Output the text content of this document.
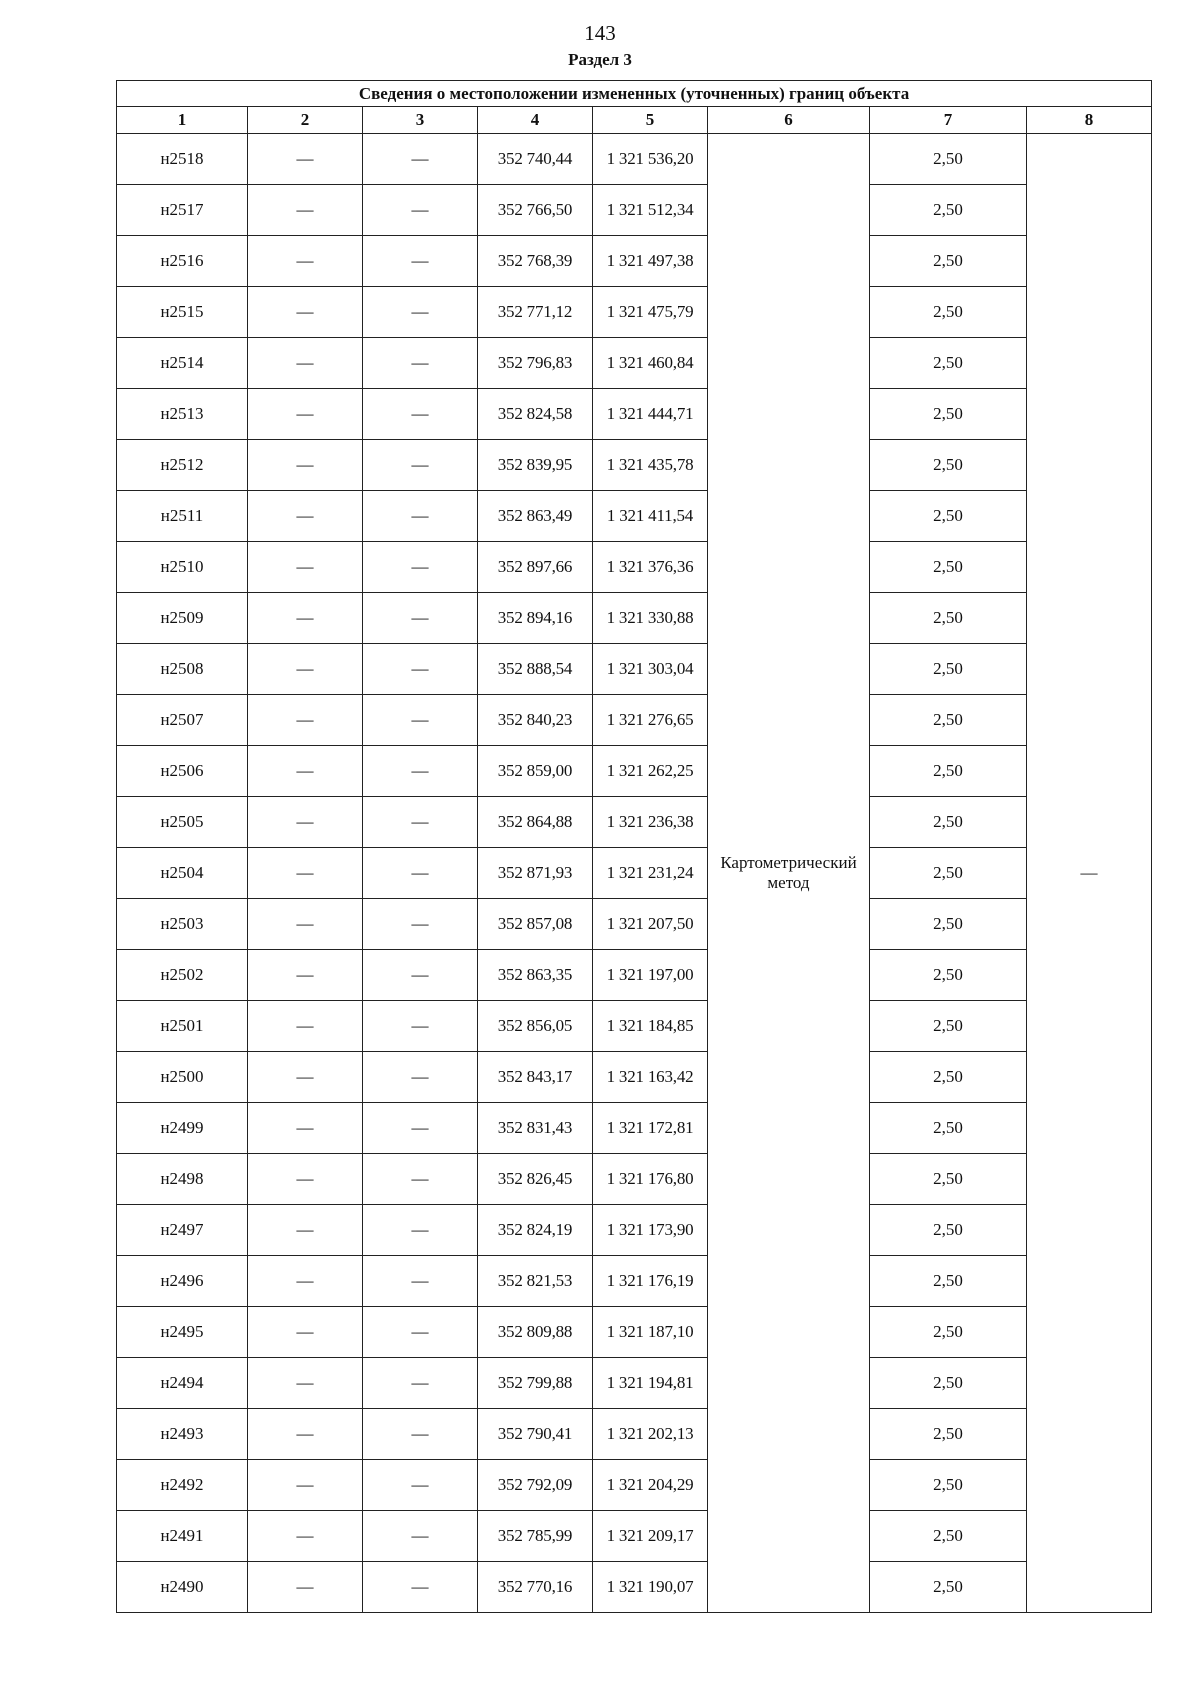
143
Раздел 3
Сведения о местоположении измененных (уточненных) границ объекта							
1	2	3	4	5	6	7	8
н2518	—	—	352 740,44	1 321 536,20	Картометрический метод	2,50	—
н2517	—	—	352 766,50	1 321 512,34		2,50	
н2516	—	—	352 768,39	1 321 497,38		2,50	
н2515	—	—	352 771,12	1 321 475,79		2,50	
н2514	—	—	352 796,83	1 321 460,84		2,50	
н2513	—	—	352 824,58	1 321 444,71		2,50	
н2512	—	—	352 839,95	1 321 435,78		2,50	
н2511	—	—	352 863,49	1 321 411,54		2,50	
н2510	—	—	352 897,66	1 321 376,36		2,50	
н2509	—	—	352 894,16	1 321 330,88		2,50	
н2508	—	—	352 888,54	1 321 303,04		2,50	
н2507	—	—	352 840,23	1 321 276,65		2,50	
н2506	—	—	352 859,00	1 321 262,25		2,50	
н2505	—	—	352 864,88	1 321 236,38		2,50	
н2504	—	—	352 871,93	1 321 231,24		2,50	
н2503	—	—	352 857,08	1 321 207,50		2,50	
н2502	—	—	352 863,35	1 321 197,00		2,50	
н2501	—	—	352 856,05	1 321 184,85		2,50	
н2500	—	—	352 843,17	1 321 163,42		2,50	
н2499	—	—	352 831,43	1 321 172,81		2,50	
н2498	—	—	352 826,45	1 321 176,80		2,50	
н2497	—	—	352 824,19	1 321 173,90		2,50	
н2496	—	—	352 821,53	1 321 176,19		2,50	
н2495	—	—	352 809,88	1 321 187,10		2,50	
н2494	—	—	352 799,88	1 321 194,81		2,50	
н2493	—	—	352 790,41	1 321 202,13		2,50	
н2492	—	—	352 792,09	1 321 204,29		2,50	
н2491	—	—	352 785,99	1 321 209,17		2,50	
н2490	—	—	352 770,16	1 321 190,07		2,50	
